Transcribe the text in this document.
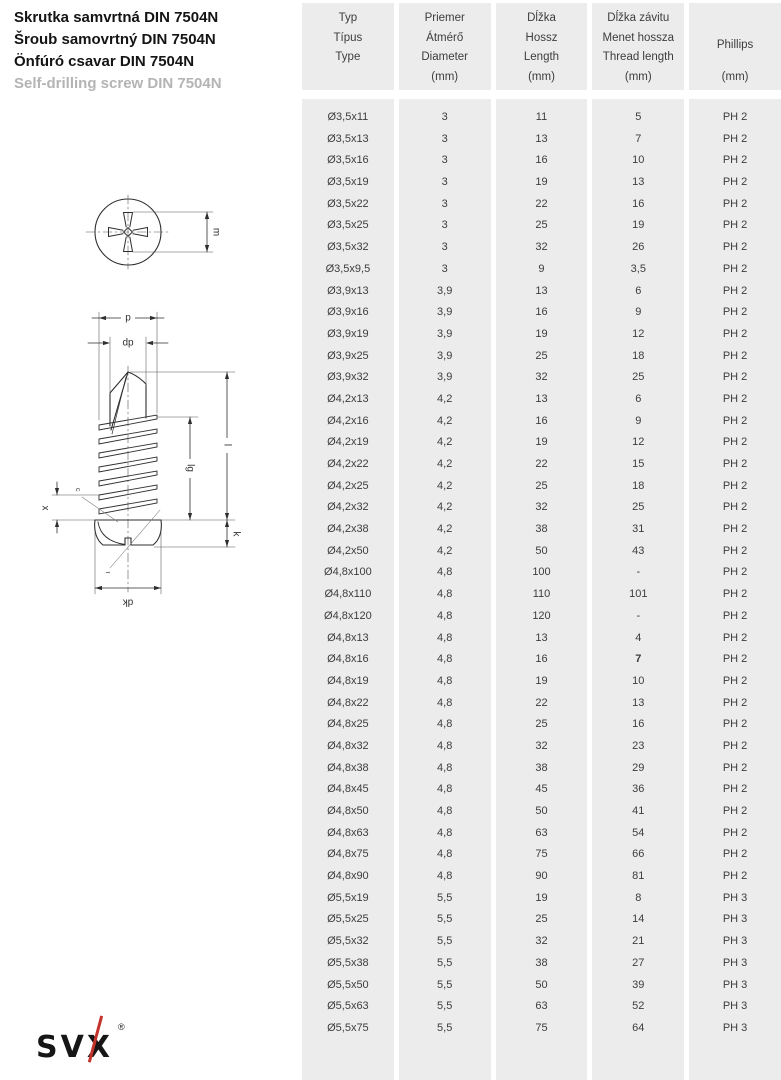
Skrutka samvrtná DIN 7504N
Šroub samovrtný DIN 7504N
Önfúró csavar DIN 7504N
Self-drilling screw DIN 7504N
m
p
dp
lg
l
k
x
c
r
dk
Typ
Típus
Type
Ø3,5x11
Ø3,5x13
Ø3,5x16
Ø3,5x19
Ø3,5x22
Ø3,5x25
Ø3,5x32
Ø3,5x9,5
Ø3,9x13
Ø3,9x16
Ø3,9x19
Ø3,9x25
Ø3,9x32
Ø4,2x13
Ø4,2x16
Ø4,2x19
Ø4,2x22
Ø4,2x25
Ø4,2x32
Ø4,2x38
Ø4,2x50
Ø4,8x100
Ø4,8x110
Ø4,8x120
Ø4,8x13
Ø4,8x16
Ø4,8x19
Ø4,8x22
Ø4,8x25
Ø4,8x32
Ø4,8x38
Ø4,8x45
Ø4,8x50
Ø4,8x63
Ø4,8x75
Ø4,8x90
Ø5,5x19
Ø5,5x25
Ø5,5x32
Ø5,5x38
Ø5,5x50
Ø5,5x63
Ø5,5x75
Priemer
Átmérő
Diameter
(mm)
3
3
3
3
3
3
3
3
3,9
3,9
3,9
3,9
3,9
4,2
4,2
4,2
4,2
4,2
4,2
4,2
4,2
4,8
4,8
4,8
4,8
4,8
4,8
4,8
4,8
4,8
4,8
4,8
4,8
4,8
4,8
4,8
5,5
5,5
5,5
5,5
5,5
5,5
5,5
Dĺžka
Hossz
Length
(mm)
11
13
16
19
22
25
32
9
13
16
19
25
32
13
16
19
22
25
32
38
50
100
110
120
13
16
19
22
25
32
38
45
50
63
75
90
19
25
32
38
50
63
75
Dĺžka závitu
Menet hossza
Thread length
(mm)
5
7
10
13
16
19
26
3,5
6
9
12
18
25
6
9
12
15
18
25
31
43
-
101
-
4
7
10
13
16
23
29
36
41
54
66
81
8
14
21
27
39
52
64
Phillips
(mm)
PH 2
PH 2
PH 2
PH 2
PH 2
PH 2
PH 2
PH 2
PH 2
PH 2
PH 2
PH 2
PH 2
PH 2
PH 2
PH 2
PH 2
PH 2
PH 2
PH 2
PH 2
PH 2
PH 2
PH 2
PH 2
PH 2
PH 2
PH 2
PH 2
PH 2
PH 2
PH 2
PH 2
PH 2
PH 2
PH 2
PH 3
PH 3
PH 3
PH 3
PH 3
PH 3
PH 3
SVX
®
